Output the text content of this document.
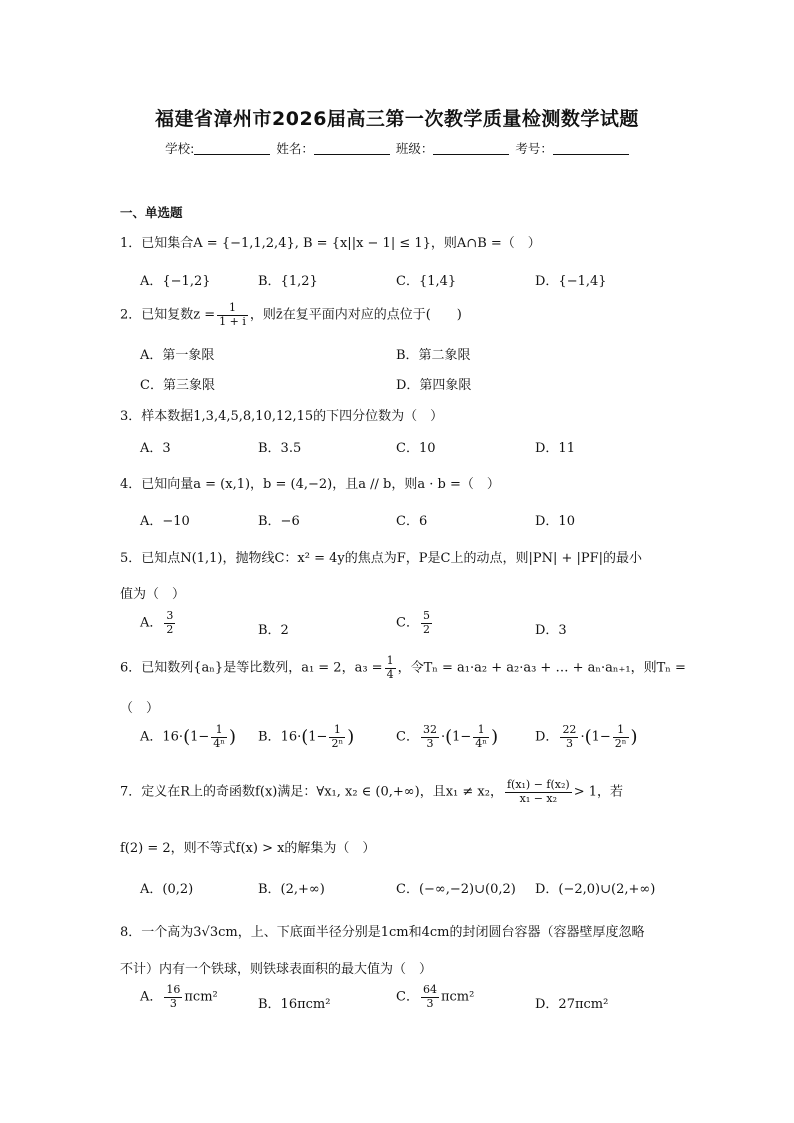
福建省漳州市2026届高三第一次教学质量检测数学试题
学校:	姓名：	班级：	考号：
一、单选题
1．已知集合A = {−1,1,2,4}, B = {x||x − 1| ≤ 1}，则A∩B =（　）
A．{−1,2}	B．{1,2}	C．{1,4}	D．{−1,4}
2．已知复数$z = \frac{1}{1 + i}$ ，则z̄在复平面内对应的点位于(　　)
A．第一象限	B．第二象限
C．第三象限	D．第四象限
3．样本数据1,3,4,5,8,10,12,15的下四分位数为（　）
A．3	B．3.5	C．10	D．11
4．已知向量a = (x,1)，b = (4,−2)，且a // b，则a · b =（　）
A．−10	B．−6	C．6	D．10
5．已知点N(1,1)，抛物线C：x² = 4y的焦点为F，P是C上的动点，则|PN| + |PF|的最小
值为（　）
A． $\frac{3}{2}$	B．2	C． $\frac{5}{2}$	D．3
6．已知数列{aₙ}是等比数列，a₁ = 2，$a_3 = \frac{1}{4}$ ，令Tₙ = a₁·a₂ + a₂·a₃ + … + aₙ·aₙ₊₁，则Tₙ =
（　）
A．$16\cdot(1- \frac{1}{\text{4ⁿ}}$ ) B．$16\cdot(1- \frac{1}{\text{2ⁿ}}$ )	C． $\frac{32}{3} \cdot(1- \frac{1}{\text{4ⁿ}}$ )	D． $\frac{22}{3} \cdot(1- \frac{1}{\text{2ⁿ}}$ )
7．定义在R上的奇函数f(x)满足：∀x₁, x₂ ∈ (0,+∞)，且x₁ ≠ x₂， $\frac{\text{f(x₁) − f(x₂)}}{\text{x₁ − x₂}} > 1$，若
f(2) = 2，则不等式f(x) > x的解集为（　）
A．(0,2)	B．(2,+∞)	C．(−∞,−2)∪(0,2) D．(−2,0)∪(2,+∞)
8．一个高为3√3cm，上、下底面半径分别是1cm和4cm的封闭圆台容器（容器壁厚度忽略
不计）内有一个铁球，则铁球表面积的最大值为（　）
A． $\frac{16}{3} \pi cm^2$	B．16πcm²	C． $\frac{64}{3} \pi cm^2$	D．27πcm²
